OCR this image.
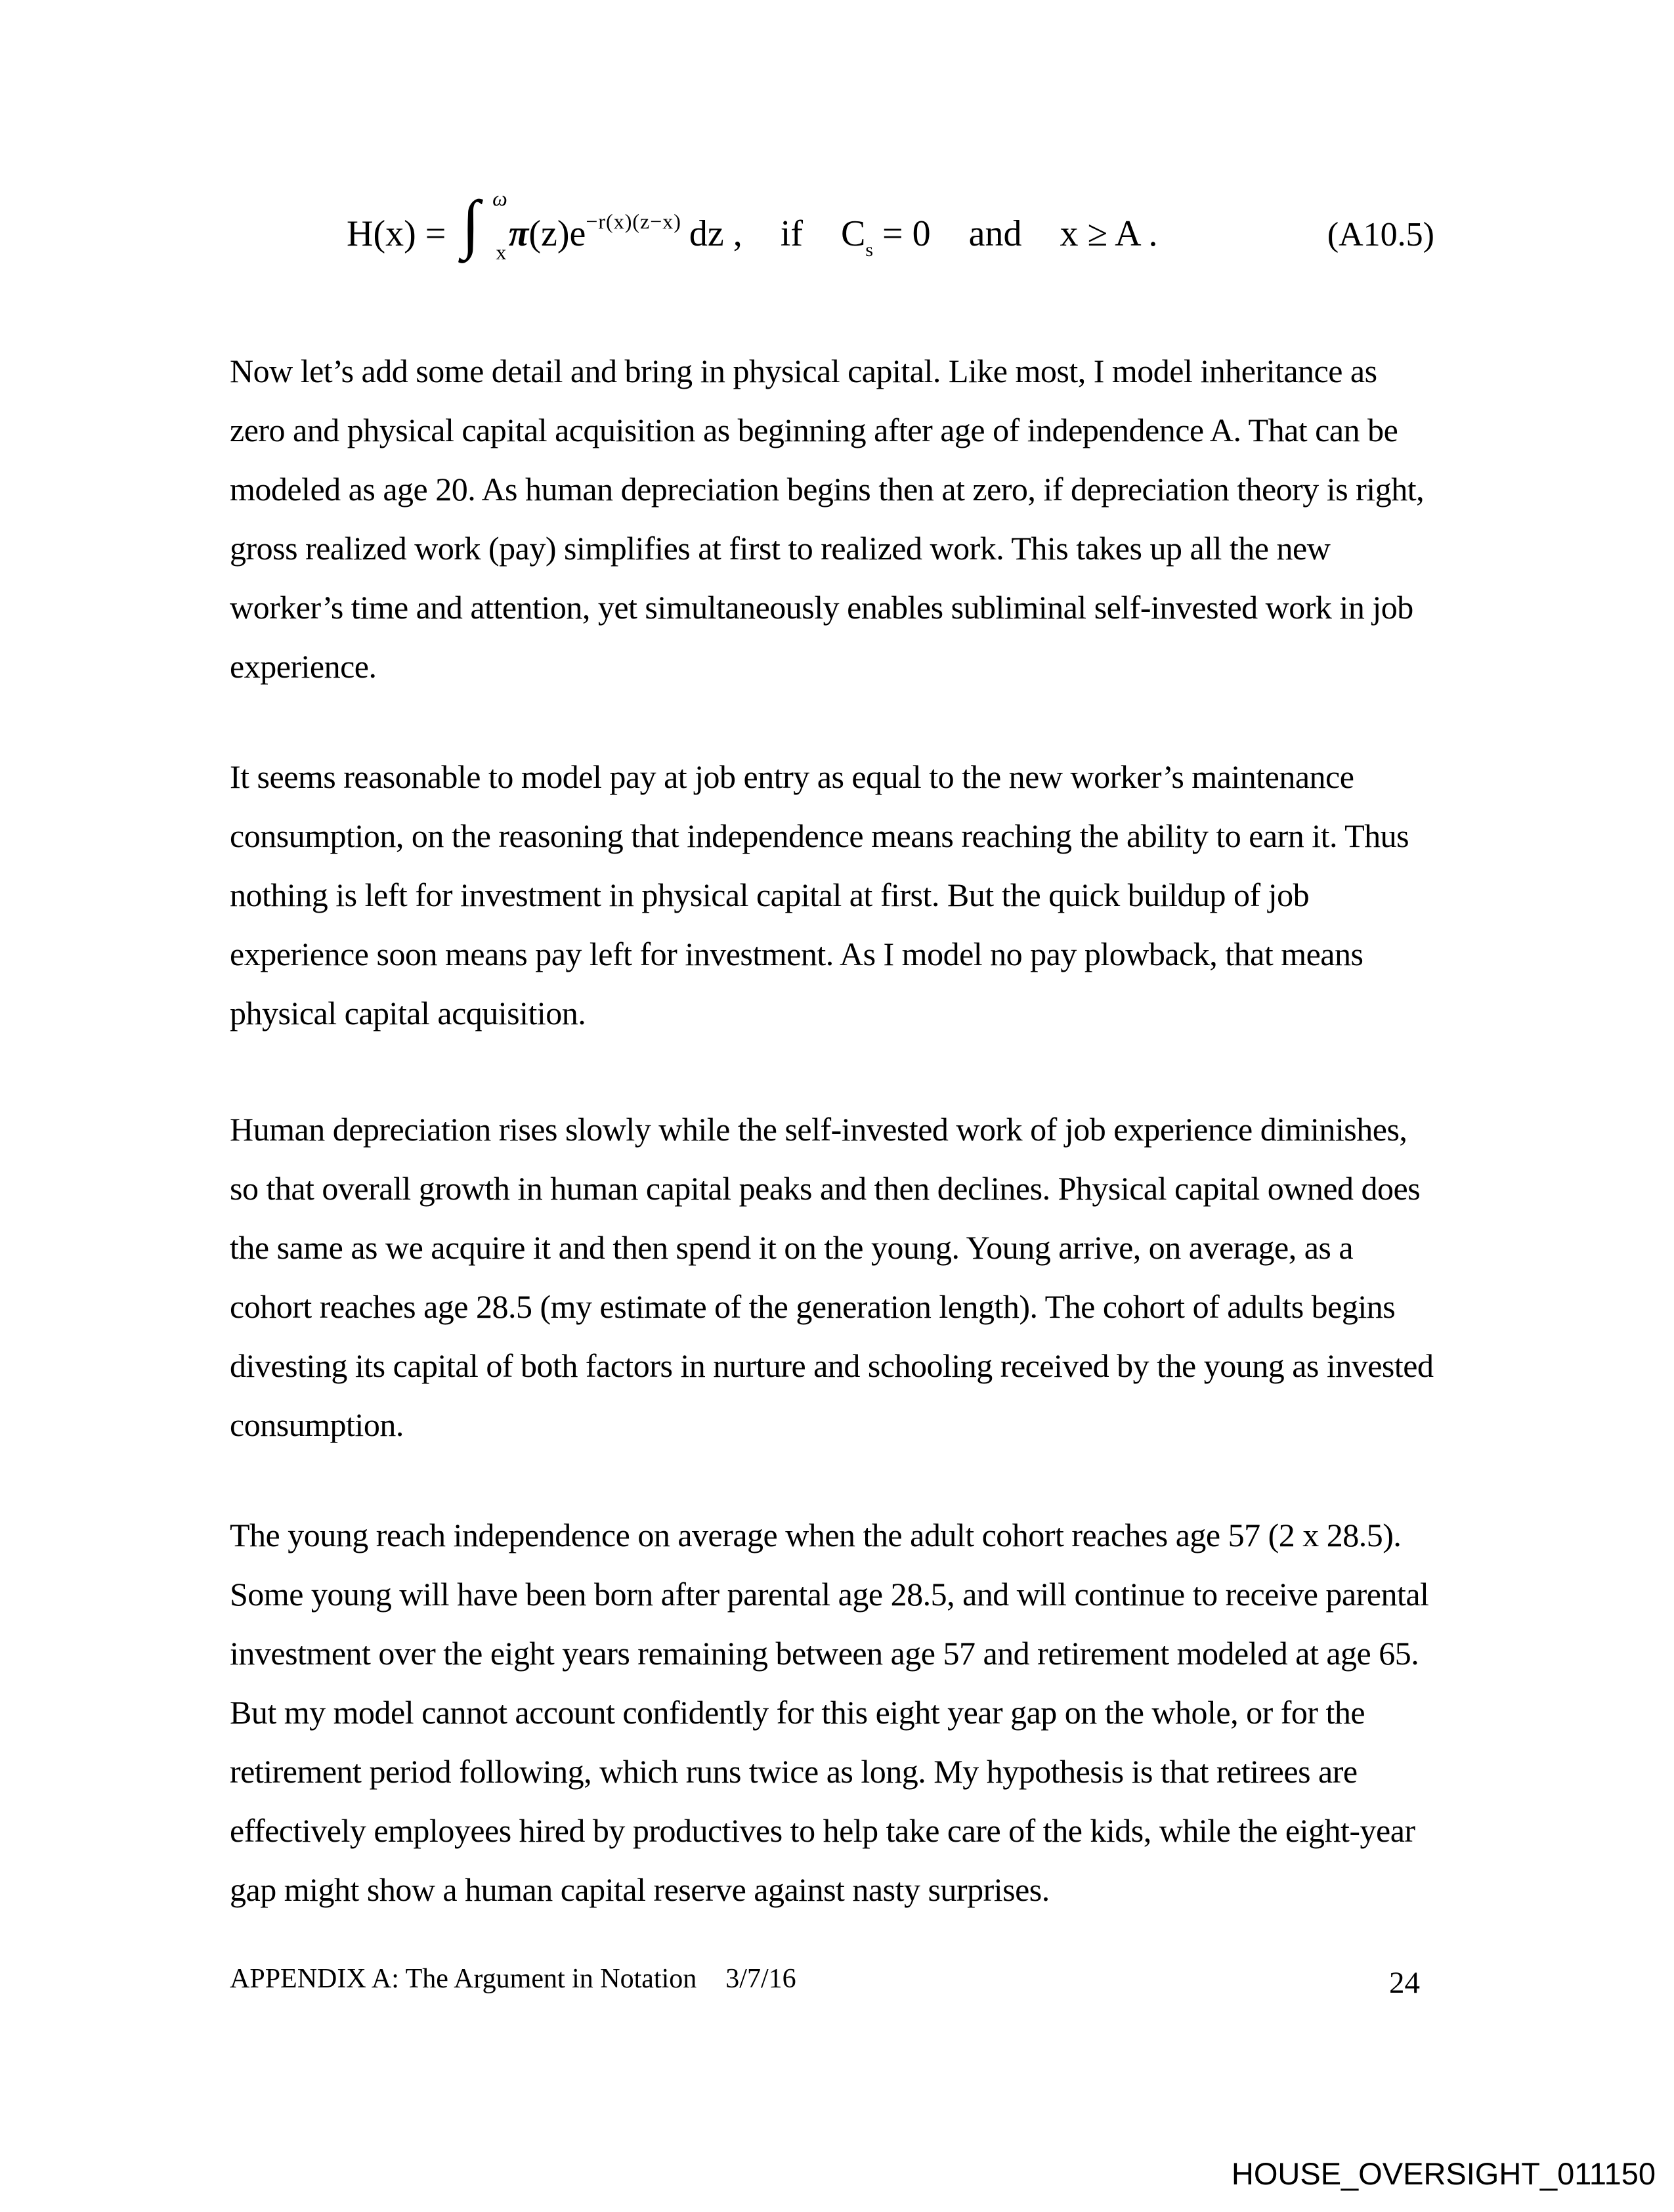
H(x) = ∫ ω
x $\pi(z)e^{-r(x)(z-x)}$ dz , if $C_s = 0$ and x ≥ A .	(A10.5)

Now let’s add some detail and bring in physical capital. Like most, I model inheritance as zero and physical capital acquisition as beginning after age of independence A. That can be modeled as age 20. As human depreciation begins then at zero, if depreciation theory is right, gross realized work (pay) simplifies at first to realized work. This takes up all the new worker’s time and attention, yet simultaneously enables subliminal self-invested work in job experience.

It seems reasonable to model pay at job entry as equal to the new worker’s maintenance consumption, on the reasoning that independence means reaching the ability to earn it. Thus nothing is left for investment in physical capital at first. But the quick buildup of job experience soon means pay left for investment. As I model no pay plowback, that means physical capital acquisition.

Human depreciation rises slowly while the self-invested work of job experience diminishes, so that overall growth in human capital peaks and then declines. Physical capital owned does the same as we acquire it and then spend it on the young. Young arrive, on average, as a cohort reaches age 28.5 (my estimate of the generation length). The cohort of adults begins divesting its capital of both factors in nurture and schooling received by the young as invested consumption.

The young reach independence on average when the adult cohort reaches age 57 (2 x 28.5). Some young will have been born after parental age 28.5, and will continue to receive parental investment over the eight years remaining between age 57 and retirement modeled at age 65. But my model cannot account confidently for this eight year gap on the whole, or for the retirement period following, which runs twice as long. My hypothesis is that retirees are effectively employees hired by productives to help take care of the kids, while the eight-year gap might show a human capital reserve against nasty surprises.

APPENDIX A: The Argument in Notation 3/7/16	24
HOUSE_OVERSIGHT_011150
